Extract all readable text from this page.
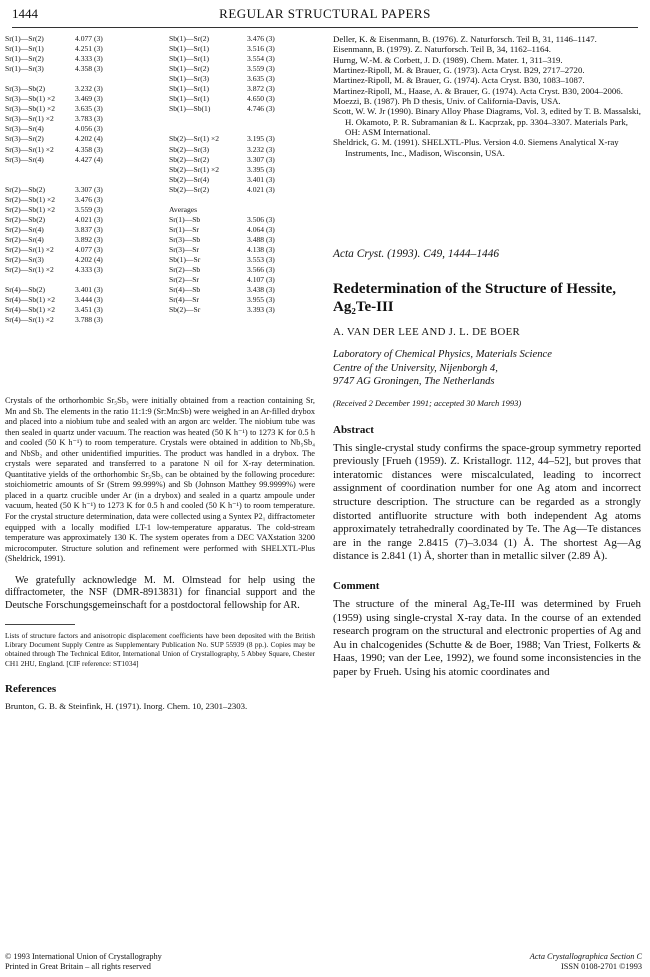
1444	REGULAR STRUCTURAL PAPERS
Sr(1)—Sr(2)	4.077 (3)
Sr(1)—Sr(1)	4.251 (3)
Sr(1)—Sr(2)	4.333 (3)
Sr(1)—Sr(3)	4.358 (3)
Sr(3)—Sb(2)	3.232 (3)
Sr(3)—Sb(1) ×2	3.469 (3)
Sr(3)—Sb(1) ×2	3.635 (3)
Sr(3)—Sr(1) ×2	3.783 (3)
Sr(3)—Sr(4)	4.056 (3)
Sr(3)—Sr(2)	4.202 (4)
Sr(3)—Sr(1) ×2	4.358 (3)
Sr(3)—Sr(4)	4.427 (4)
Sr(2)—Sb(2)	3.307 (3)
Sr(2)—Sb(1) ×2	3.476 (3)
Sr(2)—Sb(1) ×2	3.559 (3)
Sr(2)—Sb(2)	4.021 (3)
Sr(2)—Sr(4)	3.837 (3)
Sr(2)—Sr(4)	3.892 (3)
Sr(2)—Sr(1) ×2	4.077 (3)
Sr(2)—Sr(3)	4.202 (4)
Sr(2)—Sr(1) ×2	4.333 (3)
Sr(4)—Sb(2)	3.401 (3)
Sr(4)—Sb(1) ×2	3.444 (3)
Sr(4)—Sb(1) ×2	3.451 (3)
Sr(4)—Sr(1) ×2	3.788 (3)
Sb(1)—Sr(2)	3.476 (3)
Sb(1)—Sr(1)	3.516 (3)
Sb(1)—Sr(1)	3.554 (3)
Sb(1)—Sr(2)	3.559 (3)
Sb(1)—Sr(3)	3.635 (3)
Sb(1)—Sr(1)	3.872 (3)
Sb(1)—Sr(1)	4.650 (3)
Sb(1)—Sb(1)	4.746 (3)
Sb(2)—Sr(1) ×2	3.195 (3)
Sb(2)—Sr(3)	3.232 (3)
Sb(2)—Sr(2)	3.307 (3)
Sb(2)—Sr(1) ×2	3.395 (3)
Sb(2)—Sr(4)	3.401 (3)
Sb(2)—Sr(2)	4.021 (3)
Averages
Sr(1)—Sb	3.506 (3)
Sr(1)—Sr	4.064 (3)
Sr(3)—Sb	3.488 (3)
Sr(3)—Sr	4.138 (3)
Sb(1)—Sr	3.553 (3)
Sr(2)—Sb	3.566 (3)
Sr(2)—Sr	4.107 (3)
Sr(4)—Sb	3.438 (3)
Sr(4)—Sr	3.955 (3)
Sb(2)—Sr	3.393 (3)
Crystals of the orthorhombic Sr₅Sb₃ were initially obtained from a reaction containing Sr, Mn and Sb. The elements in the ratio 11:1:9 (Sr:Mn:Sb) were weighed in an Ar-filled drybox and placed into a niobium tube and sealed with an argon arc welder. The niobium tube was then sealed in quartz under vacuum. The reaction was heated (50 K h⁻¹) to 1273 K for 0.5 h and cooled (50 K h⁻¹) to room temperature. Crystals were obtained in addition to Nb₅Sb₄ and NbSb₂ and other unidentified impurities. The product was handled in a drybox. The crystals were separated and transferred to a paratone N oil for X-ray determination. Quantitative yields of the orthorhombic Sr₅Sb₃ can be obtained by the following procedure: stoichiometric amounts of Sr (Strem 99.999%) and Sb (Johnson Matthey 99.9999%) were placed in a quartz crucible under Ar (in a drybox) and sealed in a quartz ampoule under vacuum, heated (50 K h⁻¹) to 1273 K for 0.5 h and cooled (50 K h⁻¹) to room temperature. For the crystal structure determination, data were collected using a Syntex P2₁ diffractometer equipped with a locally modified LT-1 low-temperature apparatus. The cold-stream temperature was approximately 130 K. The system operates from a DEC VAXstation 3200 microcomputer. Structure solution and refinement were performed with SHELXTL-Plus (Sheldrick, 1991).
We gratefully acknowledge M. M. Olmstead for help using the diffractometer, the NSF (DMR-8913831) for financial support and the Deutsche Forschungsgemeinschaft for a postdoctoral fellowship for AR.
Lists of structure factors and anisotropic displacement coefficients have been deposited with the British Library Document Supply Centre as Supplementary Publication No. SUP 55939 (8 pp.). Copies may be obtained through The Technical Editor, International Union of Crystallography, 5 Abbey Square, Chester CH1 2HU, England. [CIF reference: ST1034]
References
Brunton, G. B. & Steinfink, H. (1971). Inorg. Chem. 10, 2301–2303.
© 1993 International Union of Crystallography
Printed in Great Britain – all rights reserved
Deller, K. & Eisenmann, B. (1976). Z. Naturforsch. Teil B, 31, 1146–1147.
Eisenmann, B. (1979). Z. Naturforsch. Teil B, 34, 1162–1164.
Hurng, W.-M. & Corbett, J. D. (1989). Chem. Mater. 1, 311–319.
Martinez-Ripoll, M. & Brauer, G. (1973). Acta Cryst. B29, 2717–2720.
Martinez-Ripoll, M. & Brauer, G. (1974). Acta Cryst. B30, 1083–1087.
Martinez-Ripoll, M., Haase, A. & Brauer, G. (1974). Acta Cryst. B30, 2004–2006.
Moezzi, B. (1987). Ph D thesis, Univ. of California-Davis, USA.
Scott, W. W. Jr (1990). Binary Alloy Phase Diagrams, Vol. 3, edited by T. B. Massalski, H. Okamoto, P. R. Subramanian & L. Kacprzak, pp. 3304–3307. Materials Park, OH: ASM International.
Sheldrick, G. M. (1991). SHELXTL-Plus. Version 4.0. Siemens Analytical X-ray Instruments, Inc., Madison, Wisconsin, USA.
Acta Cryst. (1993). C49, 1444–1446
Redetermination of the Structure of Hessite, Ag₂Te-III
A. VAN DER LEE AND J. L. DE BOER
Laboratory of Chemical Physics, Materials Science
Centre of the University, Nijenborgh 4,
9747 AG Groningen, The Netherlands
(Received 2 December 1991; accepted 30 March 1993)
Abstract
This single-crystal study confirms the space-group symmetry reported previously [Frueh (1959). Z. Kristallogr. 112, 44–52], but proves that interatomic distances were miscalculated, leading to incorrect assignment of coordination number for one Ag atom and incorrect structure description. The structure can be regarded as a strongly distorted antifluorite structure with both independent Ag atoms approximately tetrahedrally coordinated by Te. The Ag—Te distances are in the range 2.8415 (7)–3.034 (1) Å. The shortest Ag—Ag distance is 2.841 (1) Å, shorter than in metallic silver (2.89 Å).
Comment
The structure of the mineral Ag₂Te-III was determined by Frueh (1959) using single-crystal X-ray data. In the course of an extended research program on the structural and electronic properties of Ag and Au in chalcogenides (Schutte & de Boer, 1988; Van Triest, Folkerts & Haas, 1990; van der Lee, 1992), we found some inconsistencies in the paper by Frueh. Using his atomic coordinates and
Acta Crystallographica Section C
ISSN 0108-2701 ©1993
